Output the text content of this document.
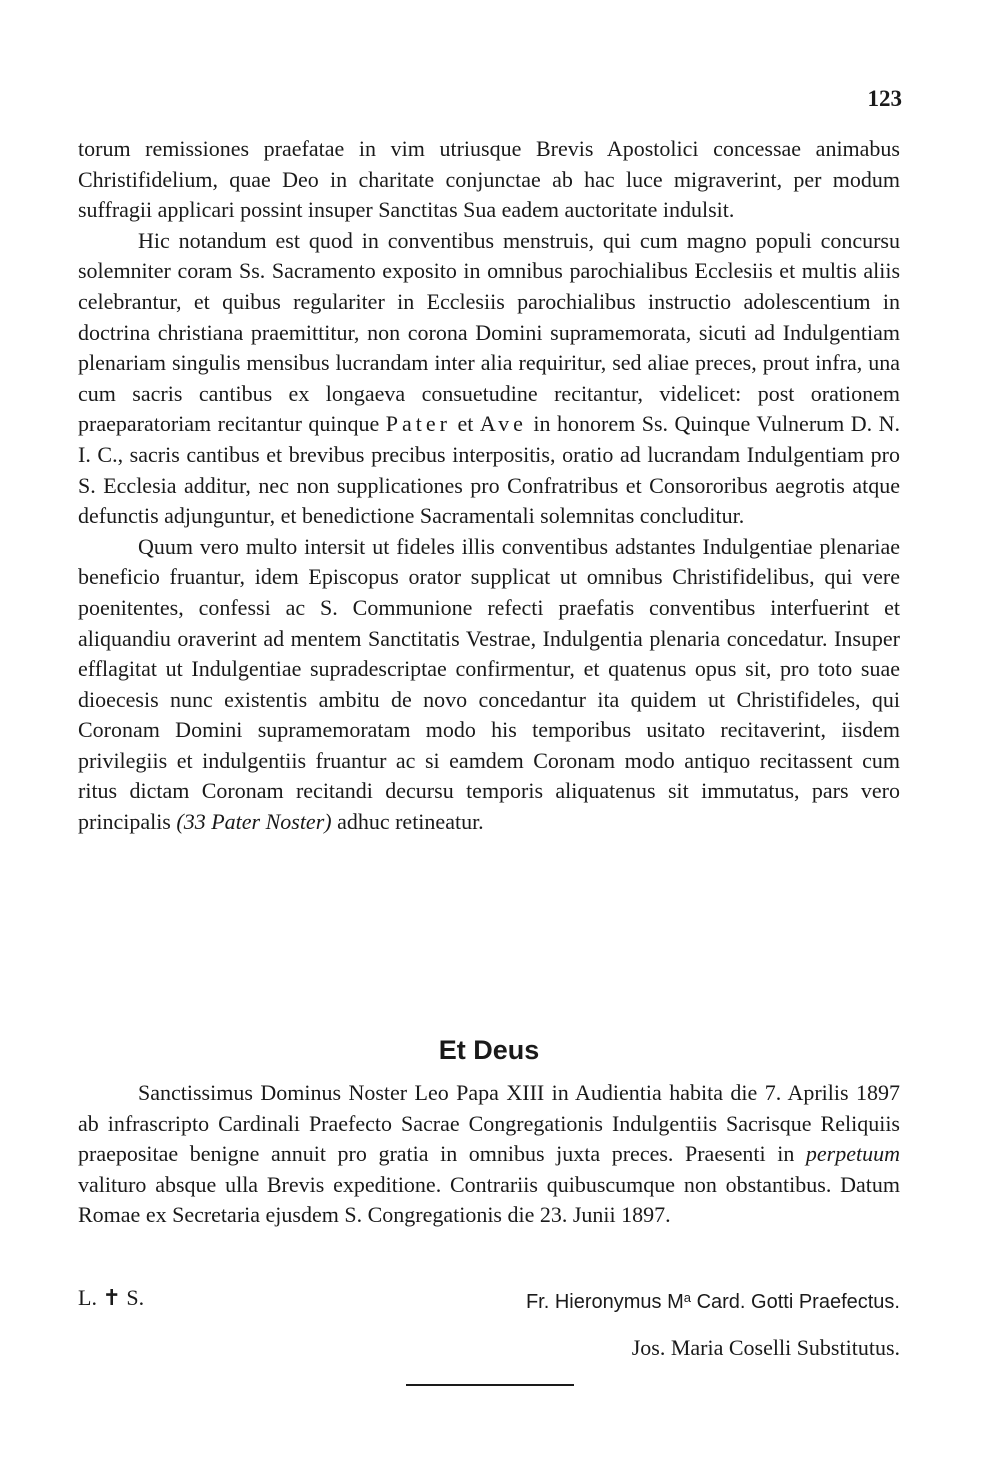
123

torum remissiones praefatae in vim utriusque Brevis Apostolici concessae animabus Christifidelium, quae Deo in charitate conjunctae ab hac luce migraverint, per modum suffragii applicari possint insuper Sanctitas Sua eadem auctoritate indulsit.

Hic notandum est quod in conventibus menstruis, qui cum magno populi concursu solemniter coram Ss. Sacramento exposito in omnibus parochialibus Ecclesiis et multis aliis celebrantur, et quibus regulariter in Ecclesiis parochialibus instructio adolescentium in doctrina christiana praemittitur, non corona Domini supramemorata, sicuti ad Indulgentiam plenariam singulis mensibus lucrandam inter alia requiritur, sed aliae preces, prout infra, una cum sacris cantibus ex longaeva consuetudine recitantur, videlicet: post orationem praeparatoriam recitantur quinque Pater et Ave in honorem Ss. Quinque Vulnerum D. N. I. C., sacris cantibus et brevibus precibus interpositis, oratio ad lucrandam Indulgentiam pro S. Ecclesia additur, nec non supplicationes pro Confratribus et Consororibus aegrotis atque defunctis adjunguntur, et benedictione Sacramentali solemnitas concluditur.

Quum vero multo intersit ut fideles illis conventibus adstantes Indulgentiae plenariae beneficio fruantur, idem Episcopus orator supplicat ut omnibus Christifidelibus, qui vere poenitentes, confessi ac S. Communione refecti praefatis conventibus interfuerint et aliquandiu oraverint ad mentem Sanctitatis Vestrae, Indulgentia plenaria concedatur. Insuper efflagitat ut Indulgentiae supradescriptae confirmentur, et quatenus opus sit, pro toto suae dioecesis nunc existentis ambitu de novo concedantur ita quidem ut Christifideles, qui Coronam Domini supramemoratam modo his temporibus usitato recitaverint, iisdem privilegiis et indulgentiis fruantur ac si eamdem Coronam modo antiquo recitassent cum ritus dictam Coronam recitandi decursu temporis aliquatenus sit immutatus, pars vero principalis (33 Pater Noster) adhuc retineatur.

Et Deus

Sanctissimus Dominus Noster Leo Papa XIII in Audientia habita die 7. Aprilis 1897 ab infrascripto Cardinali Praefecto Sacrae Congregationis Indulgentiis Sacrisque Reliquiis praepositae benigne annuit pro gratia in omnibus juxta preces. Praesenti in perpetuum valituro absque ulla Brevis expeditione. Contrariis quibuscumque non obstantibus. Datum Romae ex Secretaria ejusdem S. Congregationis die 23. Junii 1897.

L. ✝ S.	Fr. Hieronymus $M^a$ Card. Gotti Praefectus.
Jos. Maria Coselli Substitutus.
